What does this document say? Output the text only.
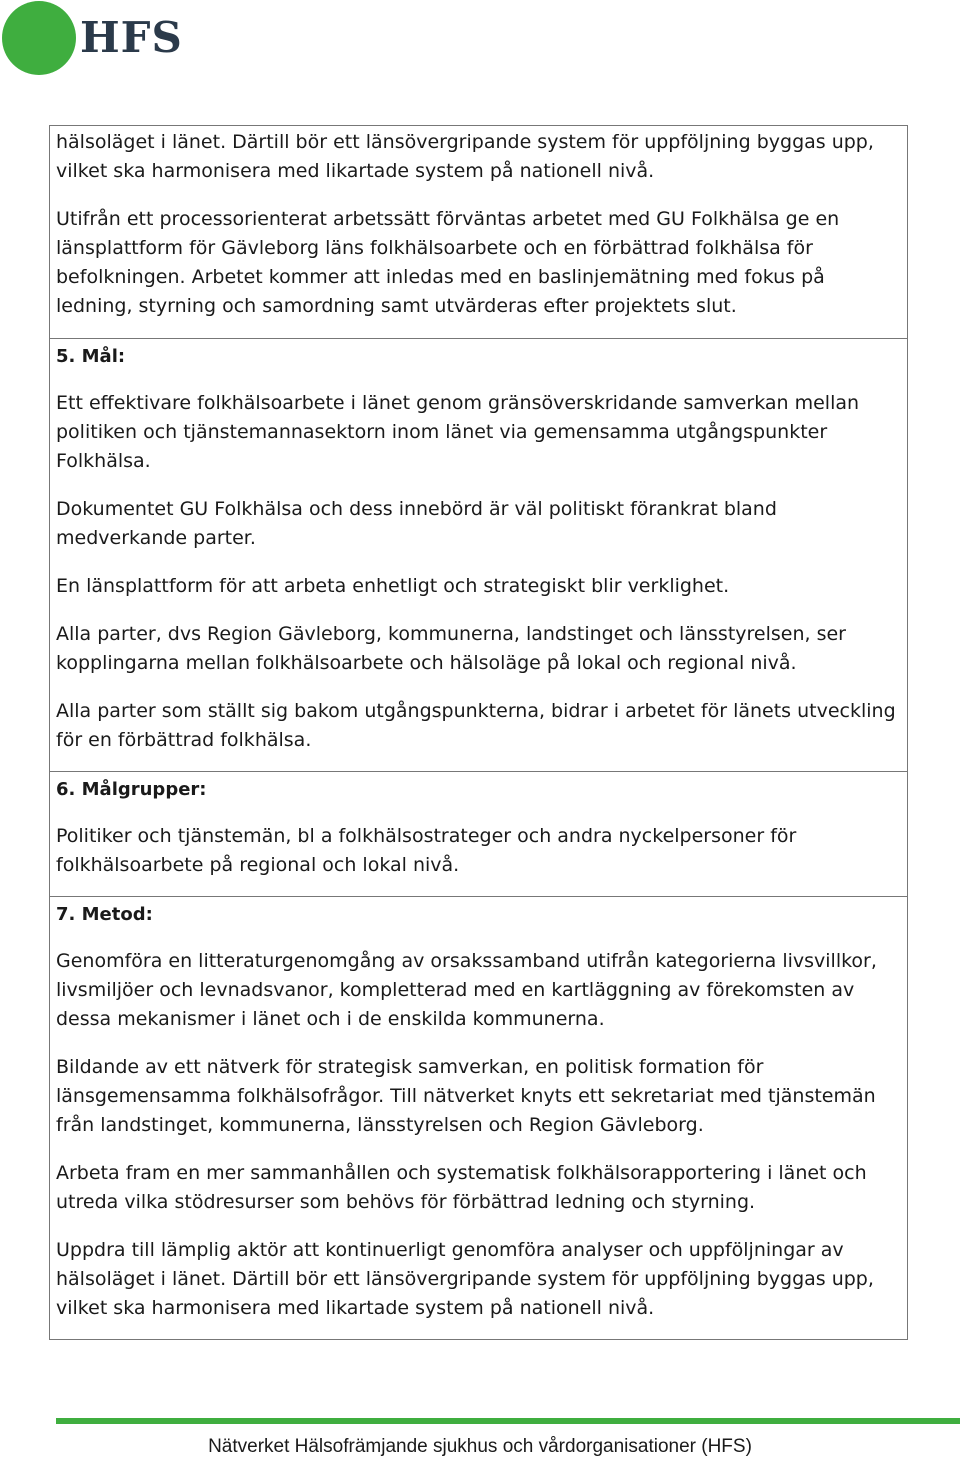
HFS

hälsoläget i länet. Därtill bör ett länsövergripande system för uppföljning byggas upp, vilket ska harmonisera med likartade system på nationell nivå.

Utifrån ett processorienterat arbetssätt förväntas arbetet med GU Folkhälsa ge en länsplattform för Gävleborg läns folkhälsoarbete och en förbättrad folkhälsa för befolkningen. Arbetet kommer att inledas med en baslinjemätning med fokus på ledning, styrning och samordning samt utvärderas efter projektets slut.

5. Mål:

Ett effektivare folkhälsoarbete i länet genom gränsöverskridande samverkan mellan politiken och tjänstemannasektorn inom länet via gemensamma utgångspunkter Folkhälsa.

Dokumentet GU Folkhälsa och dess innebörd är väl politiskt förankrat bland medverkande parter.

En länsplattform för att arbeta enhetligt och strategiskt blir verklighet.

Alla parter, dvs Region Gävleborg, kommunerna, landstinget och länsstyrelsen, ser kopplingarna mellan folkhälsoarbete och hälsoläge på lokal och regional nivå.

Alla parter som ställt sig bakom utgångspunkterna, bidrar i arbetet för länets utveckling för en förbättrad folkhälsa.

6. Målgrupper:

Politiker och tjänstemän, bl a folkhälsostrateger och andra nyckelpersoner för folkhälsoarbete på regional och lokal nivå.

7. Metod:

Genomföra en litteraturgenomgång av orsakssamband utifrån kategorierna livsvillkor, livsmiljöer och levnadsvanor, kompletterad med en kartläggning av förekomsten av dessa mekanismer i länet och i de enskilda kommunerna.

Bildande av ett nätverk för strategisk samverkan, en politisk formation för länsgemensamma folkhälsofrågor. Till nätverket knyts ett sekretariat med tjänstemän från landstinget, kommunerna, länsstyrelsen och Region Gävleborg.

Arbeta fram en mer sammanhållen och systematisk folkhälsorapportering i länet och utreda vilka stödresurser som behövs för förbättrad ledning och styrning.

Uppdra till lämplig aktör att kontinuerligt genomföra analyser och uppföljningar av hälsoläget i länet. Därtill bör ett länsövergripande system för uppföljning byggas upp, vilket ska harmonisera med likartade system på nationell nivå.

Nätverket Hälsofrämjande sjukhus och vårdorganisationer (HFS)
